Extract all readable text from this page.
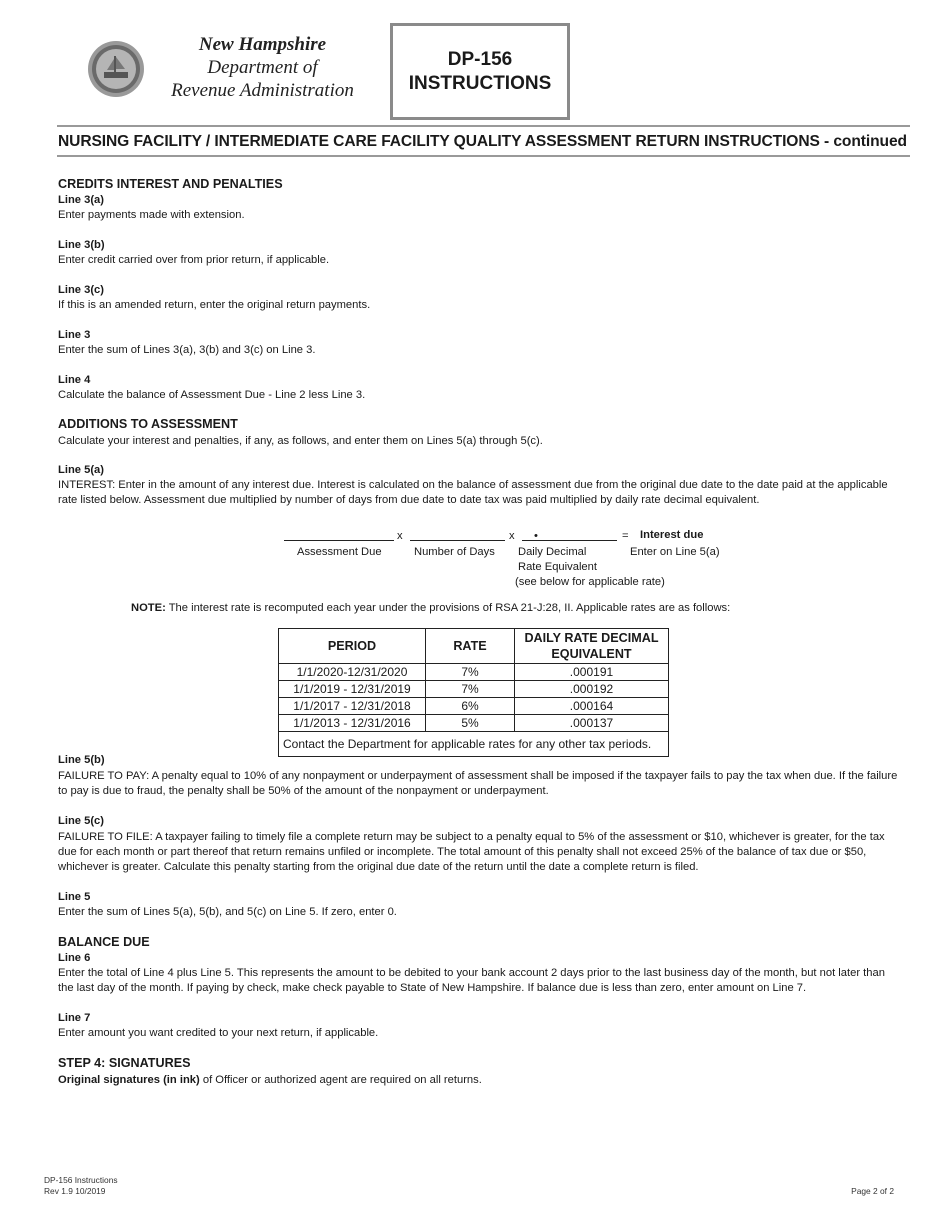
New Hampshire
Department of
Revenue Administration
DP-156
INSTRUCTIONS
NURSING FACILITY / INTERMEDIATE CARE FACILITY QUALITY ASSESSMENT RETURN INSTRUCTIONS - continued
CREDITS INTEREST AND PENALTIES
Line 3(a)
Enter payments made with extension.
Line 3(b)
Enter credit carried over from prior return, if applicable.
Line 3(c)
If this is an amended return, enter the original return payments.
Line 3
Enter the sum of Lines 3(a), 3(b) and 3(c) on Line 3.
Line 4
Calculate the balance of Assessment Due - Line 2 less Line 3.
ADDITIONS TO ASSESSMENT
Calculate your interest and penalties, if any, as follows, and enter them on Lines 5(a) through 5(c).
Line 5(a)
INTEREST: Enter in the amount of any interest due. Interest is calculated on the balance of assessment due from the original due date to the date paid at the applicable rate listed below. Assessment due multiplied by number of days from due date to date tax was paid multiplied by daily rate decimal equivalent.
x	x •	= Interest due
Assessment Due	Number of Days Daily Decimal
Rate Equivalent
(see below for applicable rate)
Enter on Line 5(a)
NOTE: The interest rate is recomputed each year under the provisions of RSA 21-J:28, II. Applicable rates are as follows:
PERIOD	RATE	DAILY RATE DECIMAL
EQUIVALENT

1/1/2020-12/31/2020	7%	.000191
1/1/2019 - 12/31/2019	7%	.000192
1/1/2017 - 12/31/2018	6%	.000164
1/1/2013 - 12/31/2016	5%	.000137
Contact the Department for applicable rates for any other tax periods.		
Line 5(b)
FAILURE TO PAY: A penalty equal to 10% of any nonpayment or underpayment of assessment shall be imposed if the taxpayer fails to pay the tax when due. If the failure to pay is due to fraud, the penalty shall be 50% of the amount of the nonpayment or underpayment.
Line 5(c)
FAILURE TO FILE: A taxpayer failing to timely file a complete return may be subject to a penalty equal to 5% of the assessment or $10, whichever is greater, for the tax due for each month or part thereof that return remains unfiled or incomplete. The total amount of this penalty shall not exceed 25% of the balance of tax due or $50, whichever is greater. Calculate this penalty starting from the original due date of the return until the date a complete return is filed.
Line 5
Enter the sum of Lines 5(a), 5(b), and 5(c) on Line 5. If zero, enter 0.
BALANCE DUE
Line 6
Enter the total of Line 4 plus Line 5. This represents the amount to be debited to your bank account 2 days prior to the last business day of the month, but not later than the last day of the month. If paying by check, make check payable to State of New Hampshire. If balance due is less than zero, enter amount on Line 7.
Line 7
Enter amount you want credited to your next return, if applicable.
STEP 4: SIGNATURES
Original signatures (in ink) of Officer or authorized agent are required on all returns.
DP-156 Instructions
Rev 1.9 10/2019	Page 2 of 2
